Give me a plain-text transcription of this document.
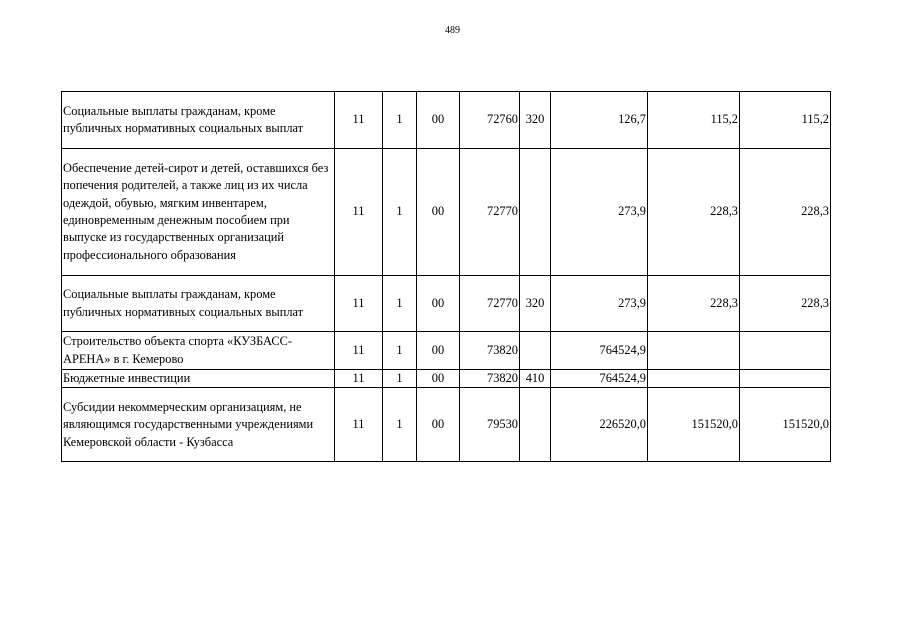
489
Социальные выплаты гражданам, кроме публичных нормативных социальных выплат	11	1	00	72760	320	126,7	115,2	115,2
Обеспечение детей-сирот и детей, оставшихся без попечения родителей, а также лиц из их числа одеждой, обувью, мягким инвентарем, единовременным денежным пособием при выпуске из государственных организаций профессионального образования	11	1	00	72770		273,9	228,3	228,3
Социальные выплаты гражданам, кроме публичных нормативных социальных выплат	11	1	00	72770	320	273,9	228,3	228,3
Строительство объекта спорта «КУЗБАСС-АРЕНА» в г. Кемерово	11	1	00	73820		764524,9		
Бюджетные инвестиции	11	1	00	73820	410	764524,9		
Субсидии некоммерческим организациям, не являющимся государственными учреждениями Кемеровской области - Кузбасса	11	1	00	79530		226520,0	151520,0	151520,0
